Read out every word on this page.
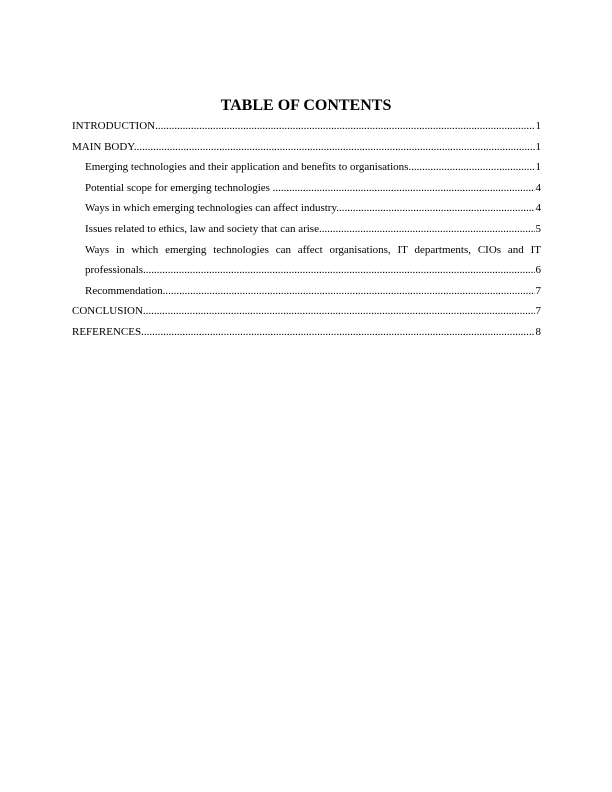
TABLE OF CONTENTS
INTRODUCTION .....	1
MAIN BODY .....	1
Emerging technologies and their application and benefits to organisations .....	1
Potential scope for emerging technologies .....	4
Ways in which emerging technologies can affect industry .....	4
Issues related to ethics, law and society that can arise .....	5
Ways in which emerging technologies can affect organisations, IT departments, CIOs and IT
professionals .....	6
Recommendation .....	7
CONCLUSION .....	7
REFERENCES .....	8
